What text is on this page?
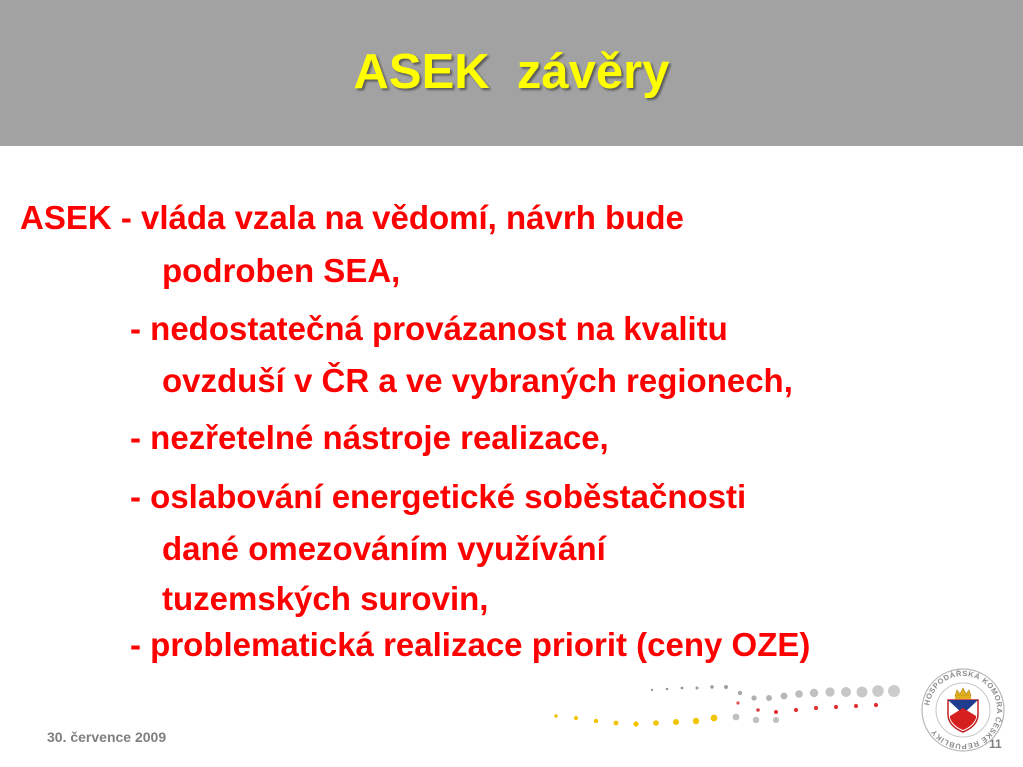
ASEK  závěry
ASEK - vláda vzala na vědomí, návrh bude
podroben SEA,
- nedostatečná provázanost na kvalitu
ovzduší v ČR a ve vybraných regionech,
- nezřetelné nástroje realizace,
- oslabování energetické soběstačnosti
dané omezováním využívání
tuzemských surovin,
- problematická realizace priorit (ceny OZE)
30. července 2009	11
HOSPODÁŘSKÁ KOMORA ČESKÉ REPUBLIKY
